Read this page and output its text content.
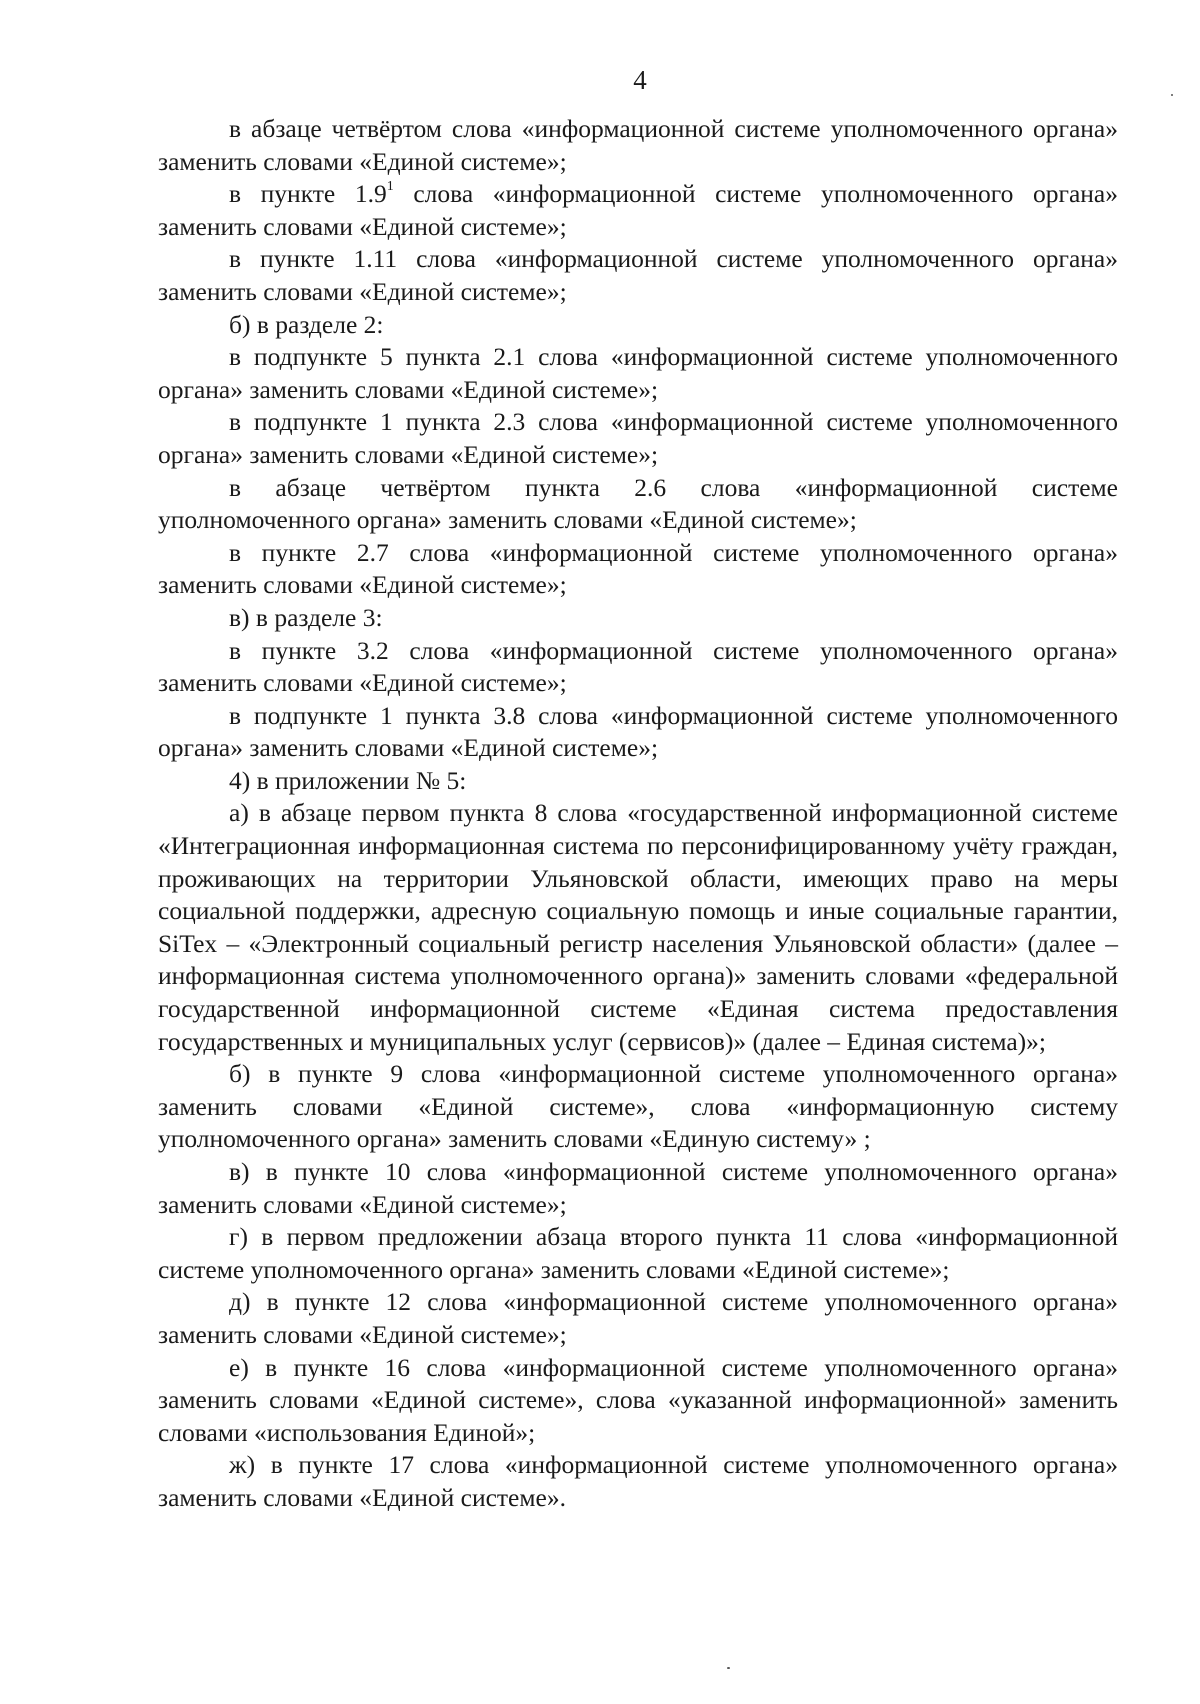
4

в абзаце четвёртом слова «информационной системе уполномоченного органа» заменить словами «Единой системе»;

в пункте $1.9^1$ слова «информационной системе уполномоченного органа» заменить словами «Единой системе»;

в пункте 1.11 слова «информационной системе уполномоченного органа» заменить словами «Единой системе»;

б) в разделе 2:

в подпункте 5 пункта 2.1 слова «информационной системе уполномоченного органа» заменить словами «Единой системе»;

в подпункте 1 пункта 2.3 слова «информационной системе уполномоченного органа» заменить словами «Единой системе»;

в абзаце четвёртом пункта 2.6 слова «информационной системе уполномоченного органа» заменить словами «Единой системе»;

в пункте 2.7 слова «информационной системе уполномоченного органа» заменить словами «Единой системе»;

в) в разделе 3:

в пункте 3.2 слова «информационной системе уполномоченного органа» заменить словами «Единой системе»;

в подпункте 1 пункта 3.8 слова «информационной системе уполномоченного органа» заменить словами «Единой системе»;

4) в приложении № 5:

а) в абзаце первом пункта 8 слова «государственной информационной системе «Интеграционная информационная система по персонифицированному учёту граждан, проживающих на территории Ульяновской области, имеющих право на меры социальной поддержки, адресную социальную помощь и иные социальные гарантии, SiTex – «Электронный социальный регистр населения Ульяновской области» (далее – информационная система уполномоченного органа)» заменить словами «федеральной государственной информационной системе «Единая система предоставления государственных и муниципальных услуг (сервисов)» (далее – Единая система)»;

б) в пункте 9 слова «информационной системе уполномоченного органа» заменить словами «Единой системе», слова «информационную систему уполномоченного органа» заменить словами «Единую систему» ;

в) в пункте 10 слова «информационной системе уполномоченного органа» заменить словами «Единой системе»;

г) в первом предложении абзаца второго пункта 11 слова «информационной системе уполномоченного органа» заменить словами «Единой системе»;

д) в пункте 12 слова «информационной системе уполномоченного органа» заменить словами «Единой системе»;

е) в пункте 16 слова «информационной системе уполномоченного органа» заменить словами «Единой системе», слова «указанной информационной» заменить словами «использования Единой»;

ж) в пункте 17 слова «информационной системе уполномоченного органа» заменить словами «Единой системе».
